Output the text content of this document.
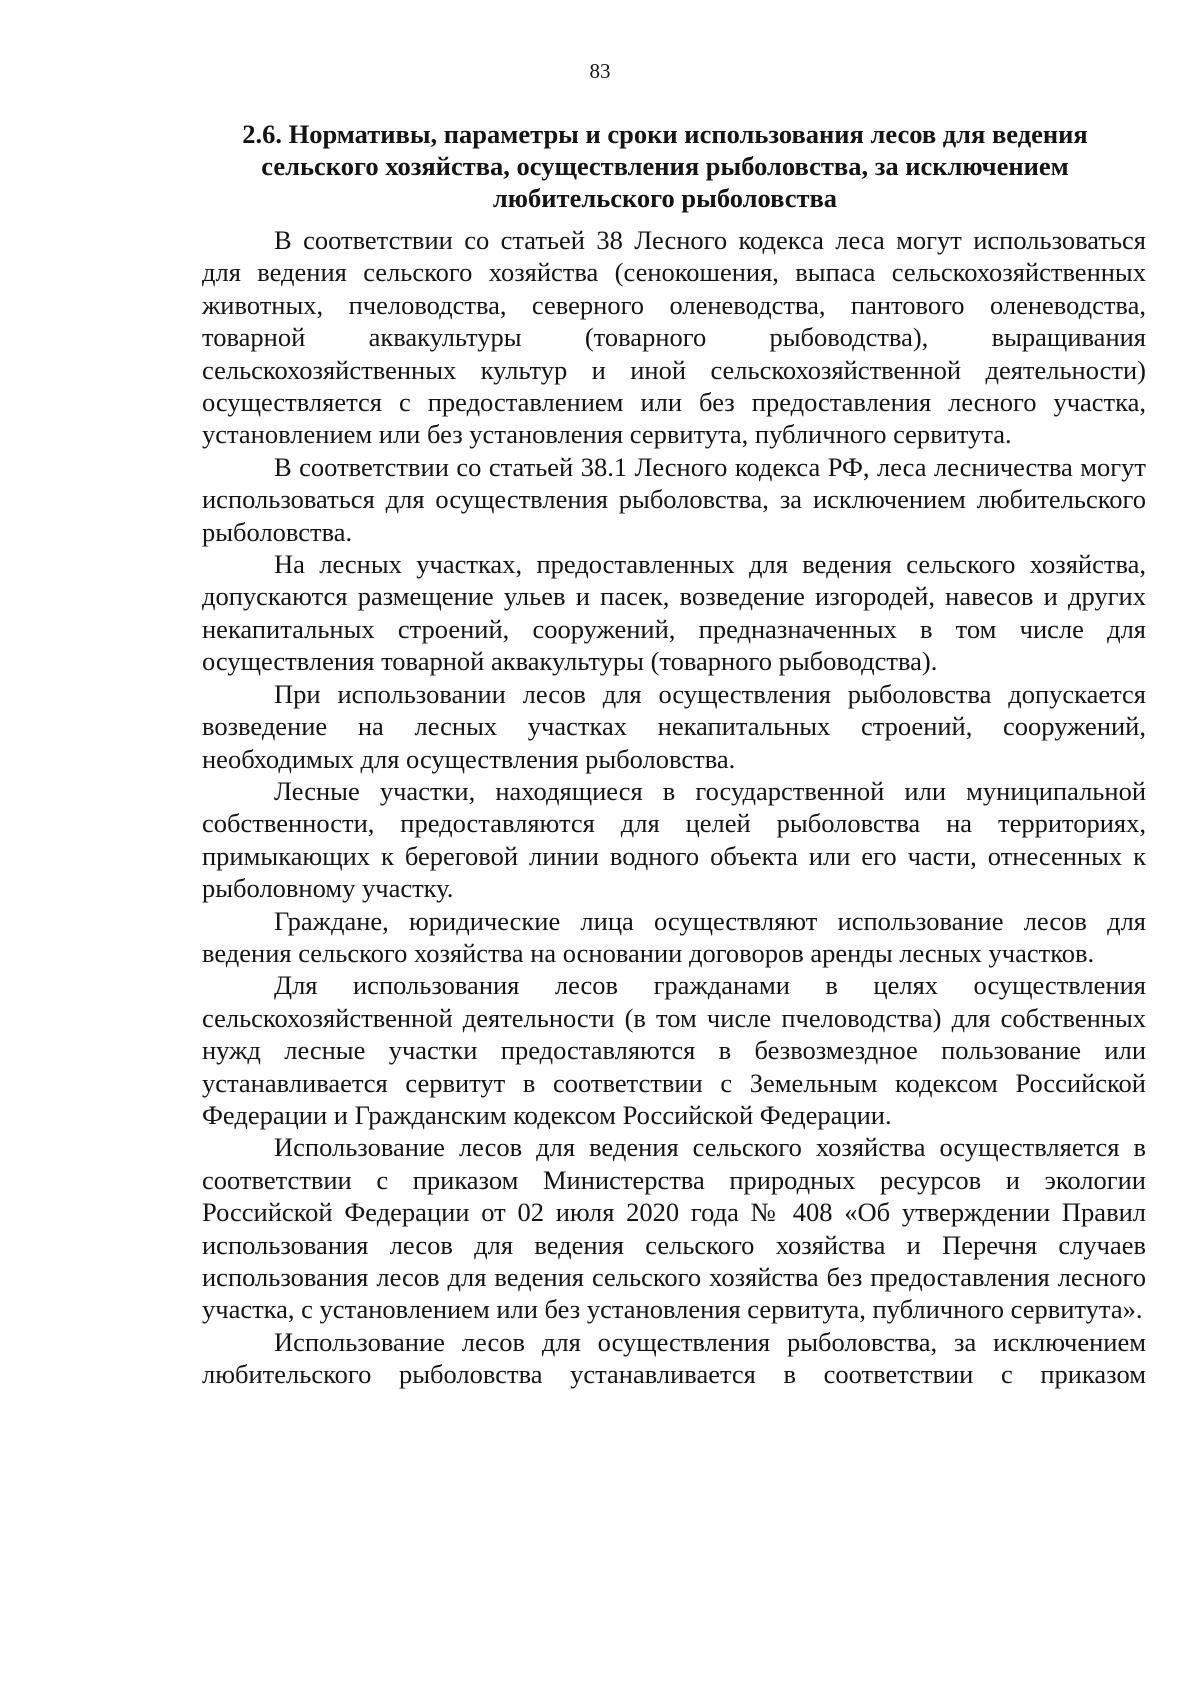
83
2.6. Нормативы, параметры и сроки использования лесов для ведения сельского хозяйства, осуществления рыболовства, за исключением любительского рыболовства

В соответствии со статьей 38 Лесного кодекса леса могут использоваться для ведения сельского хозяйства (сенокошения, выпаса сельскохозяйственных животных, пчеловодства, северного оленеводства, пантового оленеводства, товарной аквакультуры (товарного рыбоводства), выращивания сельскохозяйственных культур и иной сельскохозяйственной деятельности) осуществляется с предоставлением или без предоставления лесного участка, установлением или без установления сервитута, публичного сервитута.

В соответствии со статьей 38.1 Лесного кодекса РФ, леса лесничества могут использоваться для осуществления рыболовства, за исключением любительского рыболовства.

На лесных участках, предоставленных для ведения сельского хозяйства, допускаются размещение ульев и пасек, возведение изгородей, навесов и других некапитальных строений, сооружений, предназначенных в том числе для осуществления товарной аквакультуры (товарного рыбоводства).

При использовании лесов для осуществления рыболовства допускается возведение на лесных участках некапитальных строений, сооружений, необходимых для осуществления рыболовства.

Лесные участки, находящиеся в государственной или муниципальной собственности, предоставляются для целей рыболовства на территориях, примыкающих к береговой линии водного объекта или его части, отнесенных к рыболовному участку.

Граждане, юридические лица осуществляют использование лесов для ведения сельского хозяйства на основании договоров аренды лесных участков.

Для использования лесов гражданами в целях осуществления сельскохозяйственной деятельности (в том числе пчеловодства) для собственных нужд лесные участки предоставляются в безвозмездное пользование или устанавливается сервитут в соответствии с Земельным кодексом Российской Федерации и Гражданским кодексом Российской Федерации.

Использование лесов для ведения сельского хозяйства осуществляется в соответствии с приказом Министерства природных ресурсов и экологии Российской Федерации от 02 июля 2020 года № 408 «Об утверждении Правил использования лесов для ведения сельского хозяйства и Перечня случаев использования лесов для ведения сельского хозяйства без предоставления лесного участка, с установлением или без установления сервитута, публичного сервитута».

Использование лесов для осуществления рыболовства, за исключением любительского рыболовства устанавливается в соответствии с приказом
